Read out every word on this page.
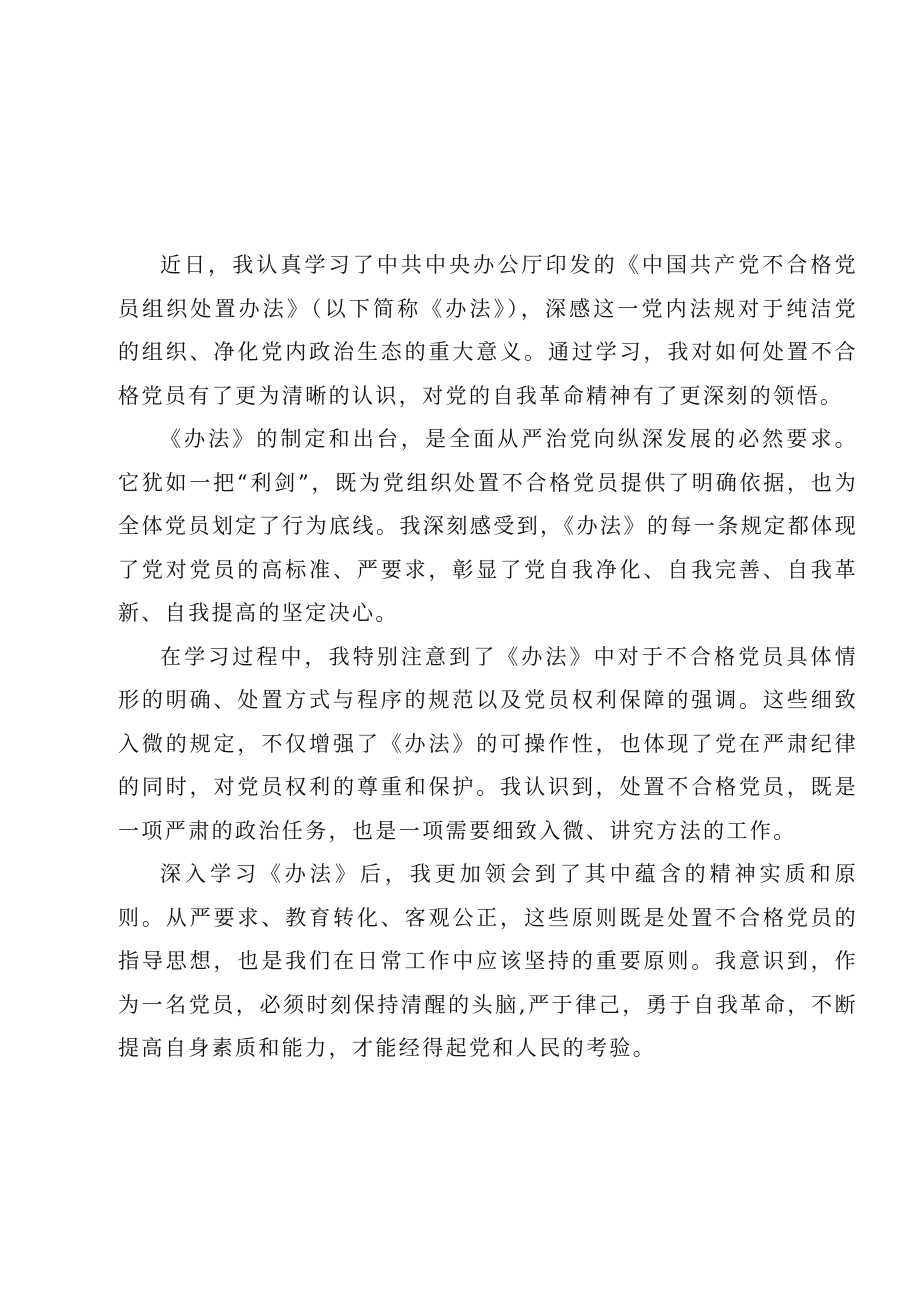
近日，我认真学习了中共中央办公厅印发的《中国共产党不合格党员组织处置办法》（以下简称《办法》），深感这一党内法规对于纯洁党的组织、净化党内政治生态的重大意义。通过学习，我对如何处置不合格党员有了更为清晰的认识，对党的自我革命精神有了更深刻的领悟。

《办法》的制定和出台，是全面从严治党向纵深发展的必然要求。它犹如一把“利剑”，既为党组织处置不合格党员提供了明确依据，也为全体党员划定了行为底线。我深刻感受到，《办法》的每一条规定都体现了党对党员的高标准、严要求，彰显了党自我净化、自我完善、自我革新、自我提高的坚定决心。

在学习过程中，我特别注意到了《办法》中对于不合格党员具体情形的明确、处置方式与程序的规范以及党员权利保障的强调。这些细致入微的规定，不仅增强了《办法》的可操作性，也体现了党在严肃纪律的同时，对党员权利的尊重和保护。我认识到，处置不合格党员，既是一项严肃的政治任务，也是一项需要细致入微、讲究方法的工作。

深入学习《办法》后，我更加领会到了其中蕴含的精神实质和原则。从严要求、教育转化、客观公正，这些原则既是处置不合格党员的指导思想，也是我们在日常工作中应该坚持的重要原则。我意识到，作为一名党员，必须时刻保持清醒的头脑,严于律己，勇于自我革命，不断提高自身素质和能力，才能经得起党和人民的考验。
